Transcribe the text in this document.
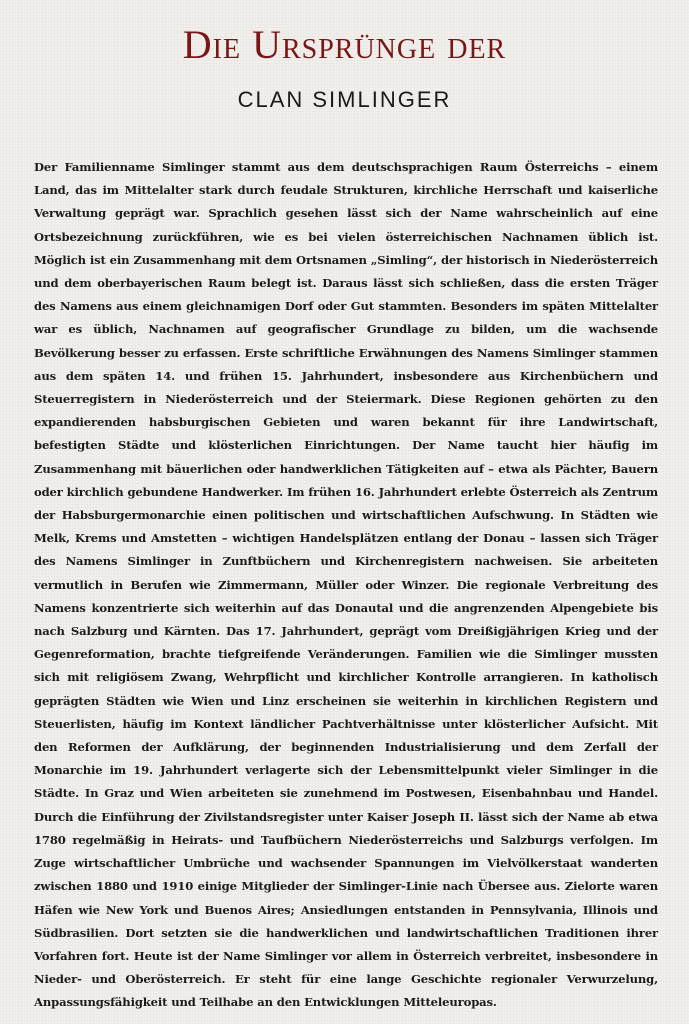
Die Ursprünge der
CLAN SIMLINGER

Der Familienname Simlinger stammt aus dem deutschsprachigen Raum Österreichs – einem Land, das im Mittelalter stark durch feudale Strukturen, kirchliche Herrschaft und kaiserliche Verwaltung geprägt war. Sprachlich gesehen lässt sich der Name wahrscheinlich auf eine Ortsbezeichnung zurückführen, wie es bei vielen österreichischen Nachnamen üblich ist. Möglich ist ein Zusammenhang mit dem Ortsnamen „Simling“, der historisch in Niederösterreich und dem oberbayerischen Raum belegt ist. Daraus lässt sich schließen, dass die ersten Träger des Namens aus einem gleichnamigen Dorf oder Gut stammten. Besonders im späten Mittelalter war es üblich, Nachnamen auf geografischer Grundlage zu bilden, um die wachsende Bevölkerung besser zu erfassen. Erste schriftliche Erwähnungen des Namens Simlinger stammen aus dem späten 14. und frühen 15. Jahrhundert, insbesondere aus Kirchenbüchern und Steuerregistern in Niederösterreich und der Steiermark. Diese Regionen gehörten zu den expandierenden habsburgischen Gebieten und waren bekannt für ihre Landwirtschaft, befestigten Städte und klösterlichen Einrichtungen. Der Name taucht hier häufig im Zusammenhang mit bäuerlichen oder handwerklichen Tätigkeiten auf – etwa als Pächter, Bauern oder kirchlich gebundene Handwerker. Im frühen 16. Jahrhundert erlebte Österreich als Zentrum der Habsburgermonarchie einen politischen und wirtschaftlichen Aufschwung. In Städten wie Melk, Krems und Amstetten – wichtigen Handelsplätzen entlang der Donau – lassen sich Träger des Namens Simlinger in Zunftbüchern und Kirchenregistern nachweisen. Sie arbeiteten vermutlich in Berufen wie Zimmermann, Müller oder Winzer. Die regionale Verbreitung des Namens konzentrierte sich weiterhin auf das Donautal und die angrenzenden Alpengebiete bis nach Salzburg und Kärnten. Das 17. Jahrhundert, geprägt vom Dreißigjährigen Krieg und der Gegenreformation, brachte tiefgreifende Veränderungen. Familien wie die Simlinger mussten sich mit religiösem Zwang, Wehrpflicht und kirchlicher Kontrolle arrangieren. In katholisch geprägten Städten wie Wien und Linz erscheinen sie weiterhin in kirchlichen Registern und Steuerlisten, häufig im Kontext ländlicher Pachtverhältnisse unter klösterlicher Aufsicht. Mit den Reformen der Aufklärung, der beginnenden Industrialisierung und dem Zerfall der Monarchie im 19. Jahrhundert verlagerte sich der Lebensmittelpunkt vieler Simlinger in die Städte. In Graz und Wien arbeiteten sie zunehmend im Postwesen, Eisenbahnbau und Handel. Durch die Einführung der Zivilstandsregister unter Kaiser Joseph II. lässt sich der Name ab etwa 1780 regelmäßig in Heirats- und Taufbüchern Niederösterreichs und Salzburgs verfolgen. Im Zuge wirtschaftlicher Umbrüche und wachsender Spannungen im Vielvölkerstaat wanderten zwischen 1880 und 1910 einige Mitglieder der Simlinger-Linie nach Übersee aus. Zielorte waren Häfen wie New York und Buenos Aires; Ansiedlungen entstanden in Pennsylvania, Illinois und Südbrasilien. Dort setzten sie die handwerklichen und landwirtschaftlichen Traditionen ihrer Vorfahren fort. Heute ist der Name Simlinger vor allem in Österreich verbreitet, insbesondere in Nieder- und Oberösterreich. Er steht für eine lange Geschichte regionaler Verwurzelung, Anpassungsfähigkeit und Teilhabe an den Entwicklungen Mitteleuropas.
